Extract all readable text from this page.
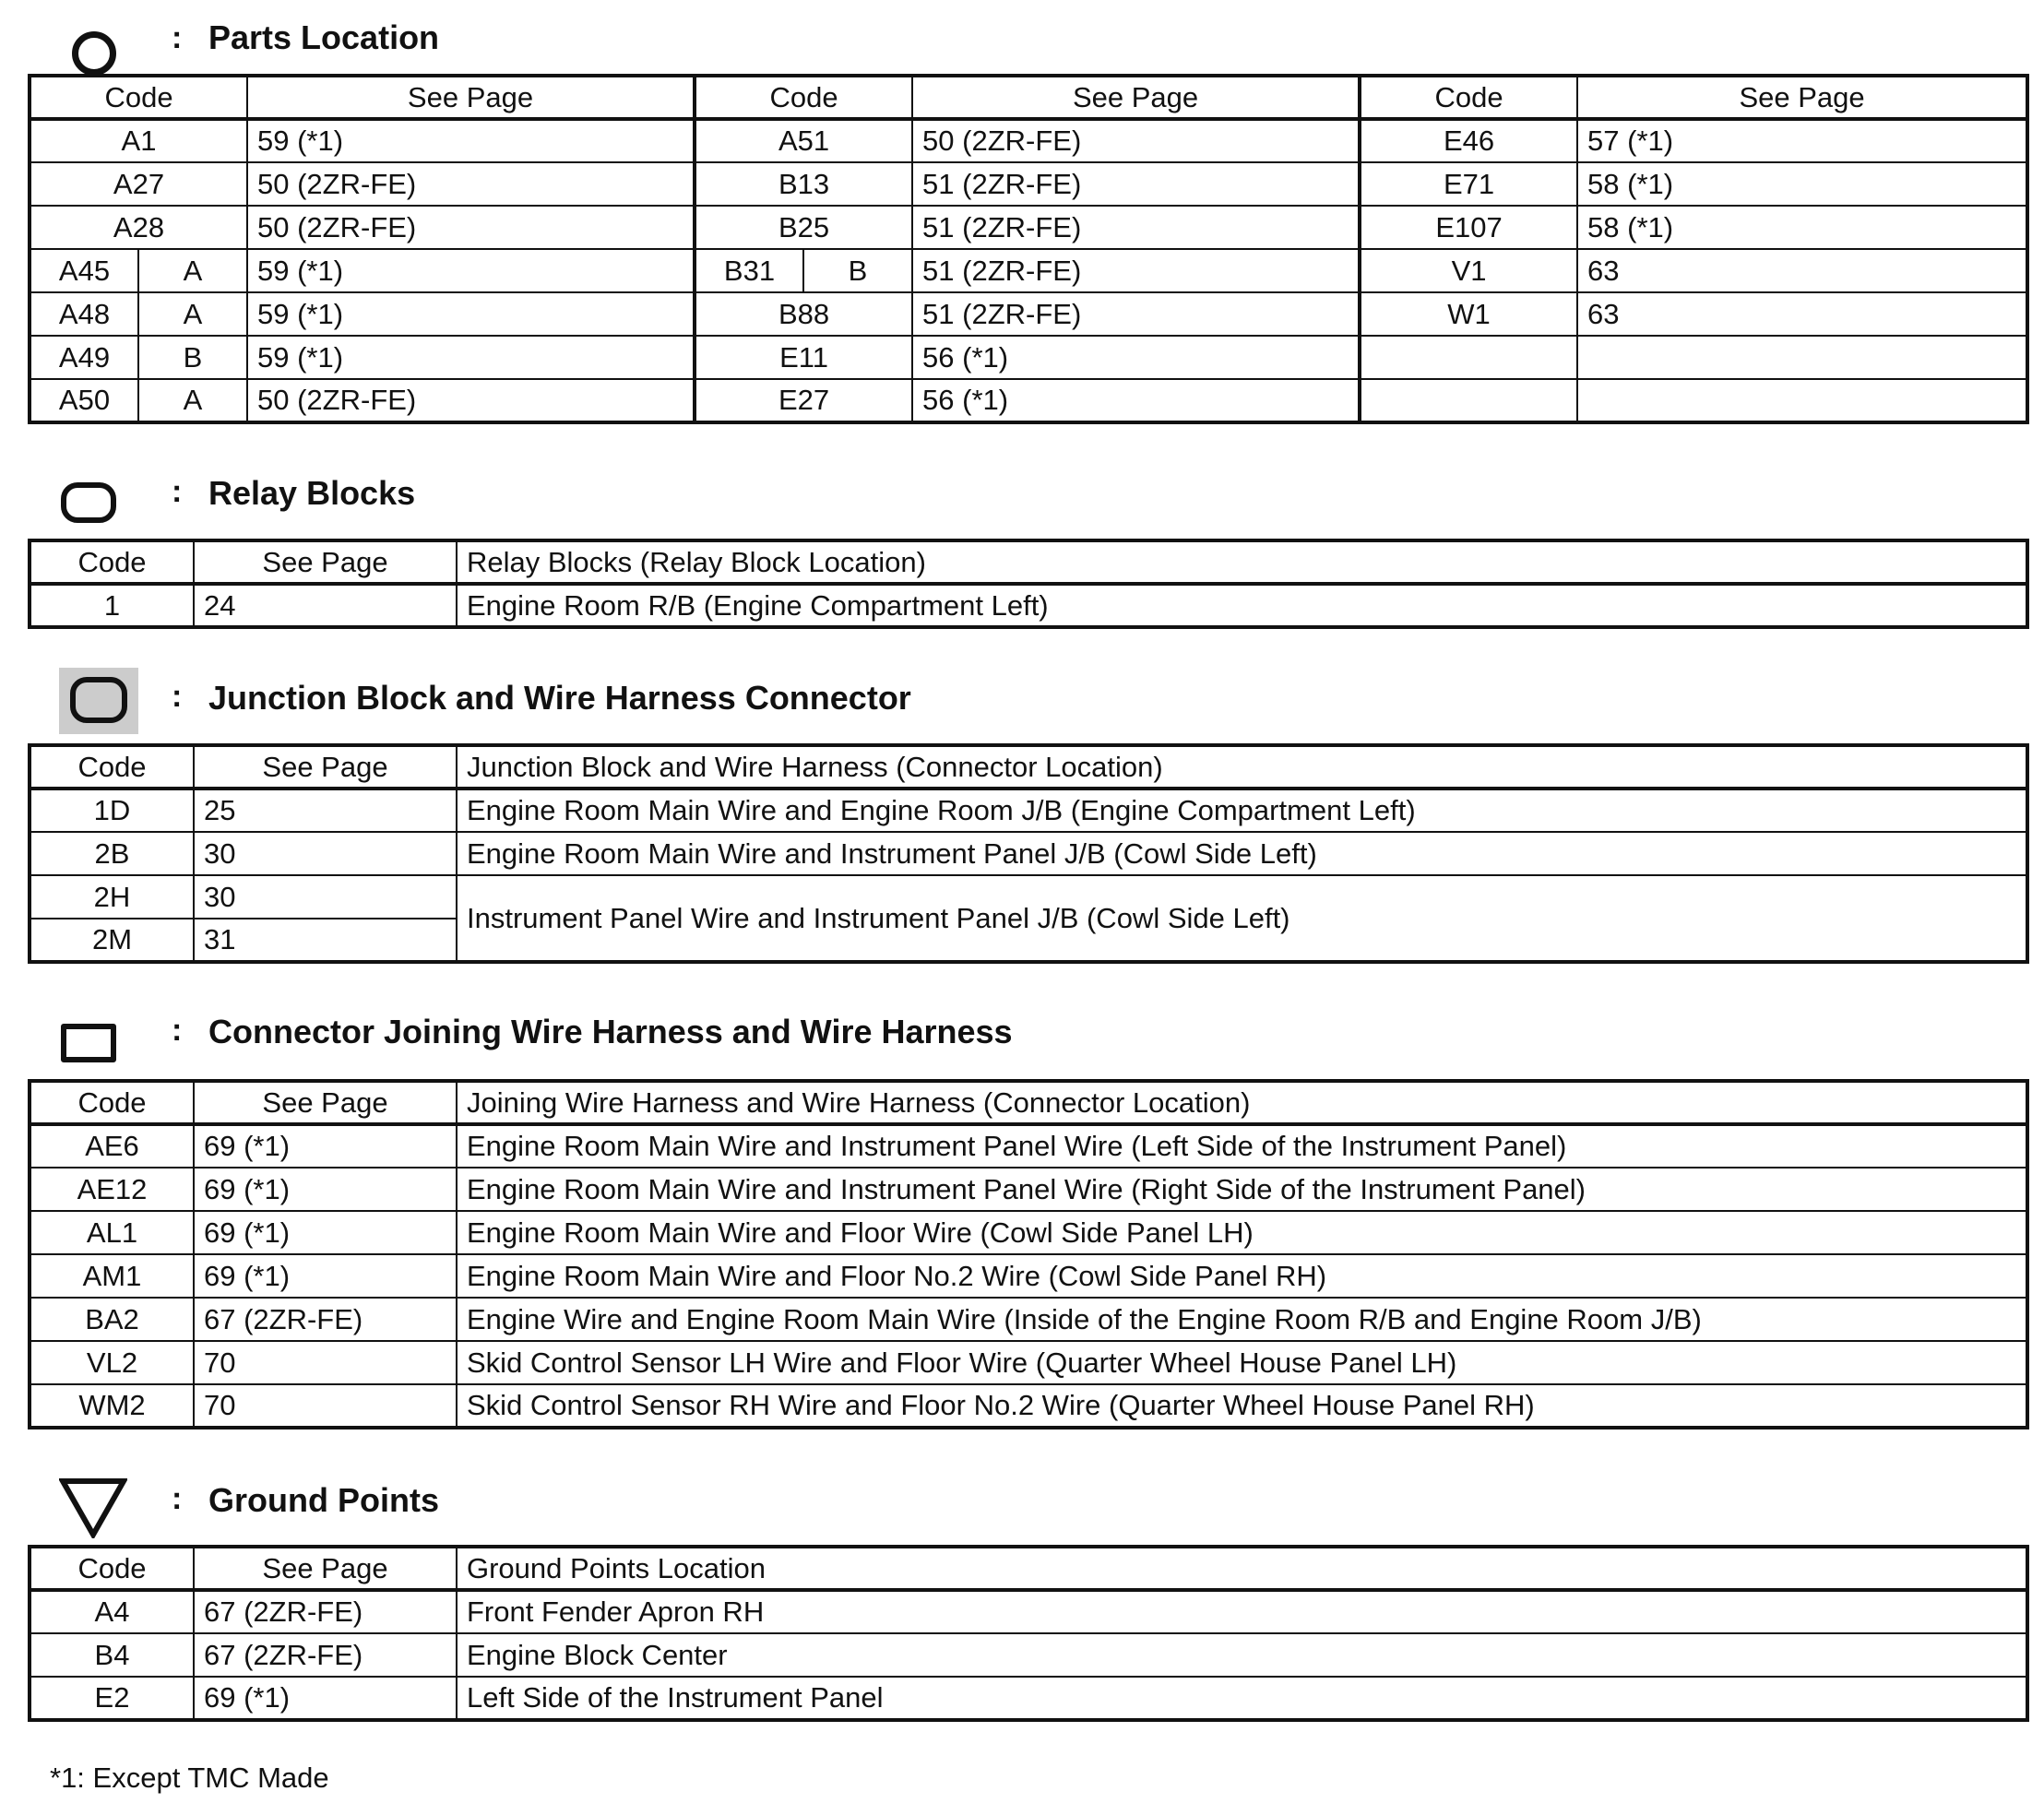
: Parts Location
Code		See Page	Code		See Page	Code	See Page
A1		59 (*1)	A51		50 (2ZR-FE)	E46	57 (*1)
A27		50 (2ZR-FE)	B13		51 (2ZR-FE)	E71	58 (*1)
A28		50 (2ZR-FE)	B25		51 (2ZR-FE)	E107	58 (*1)
A45	A	59 (*1)	B31	B	51 (2ZR-FE)	V1	63
A48	A	59 (*1)	B88		51 (2ZR-FE)	W1	63
A49	B	59 (*1)	E11		56 (*1)		
A50	A	50 (2ZR-FE)	E27		56 (*1)		
: Relay Blocks
Code	See Page	Relay Blocks (Relay Block Location)
1	24	Engine Room R/B (Engine Compartment Left)
: Junction Block and Wire Harness Connector
Code	See Page	Junction Block and Wire Harness (Connector Location)
1D	25	Engine Room Main Wire and Engine Room J/B (Engine Compartment Left)
2B	30	Engine Room Main Wire and Instrument Panel J/B (Cowl Side Left)
2H	30	Instrument Panel Wire and Instrument Panel J/B (Cowl Side Left)
2M	31	
: Connector Joining Wire Harness and Wire Harness
Code	See Page	Joining Wire Harness and Wire Harness (Connector Location)
AE6	69 (*1)	Engine Room Main Wire and Instrument Panel Wire (Left Side of the Instrument Panel)
AE12	69 (*1)	Engine Room Main Wire and Instrument Panel Wire (Right Side of the Instrument Panel)
AL1	69 (*1)	Engine Room Main Wire and Floor Wire (Cowl Side Panel LH)
AM1	69 (*1)	Engine Room Main Wire and Floor No.2 Wire (Cowl Side Panel RH)
BA2	67 (2ZR-FE)	Engine Wire and Engine Room Main Wire (Inside of the Engine Room R/B and Engine Room J/B)
VL2	70	Skid Control Sensor LH Wire and Floor Wire (Quarter Wheel House Panel LH)
WM2	70	Skid Control Sensor RH Wire and Floor No.2 Wire (Quarter Wheel House Panel RH)
: Ground Points
Code	See Page	Ground Points Location
A4	67 (2ZR-FE)	Front Fender Apron RH
B4	67 (2ZR-FE)	Engine Block Center
E2	69 (*1)	Left Side of the Instrument Panel
*1: Except TMC Made
